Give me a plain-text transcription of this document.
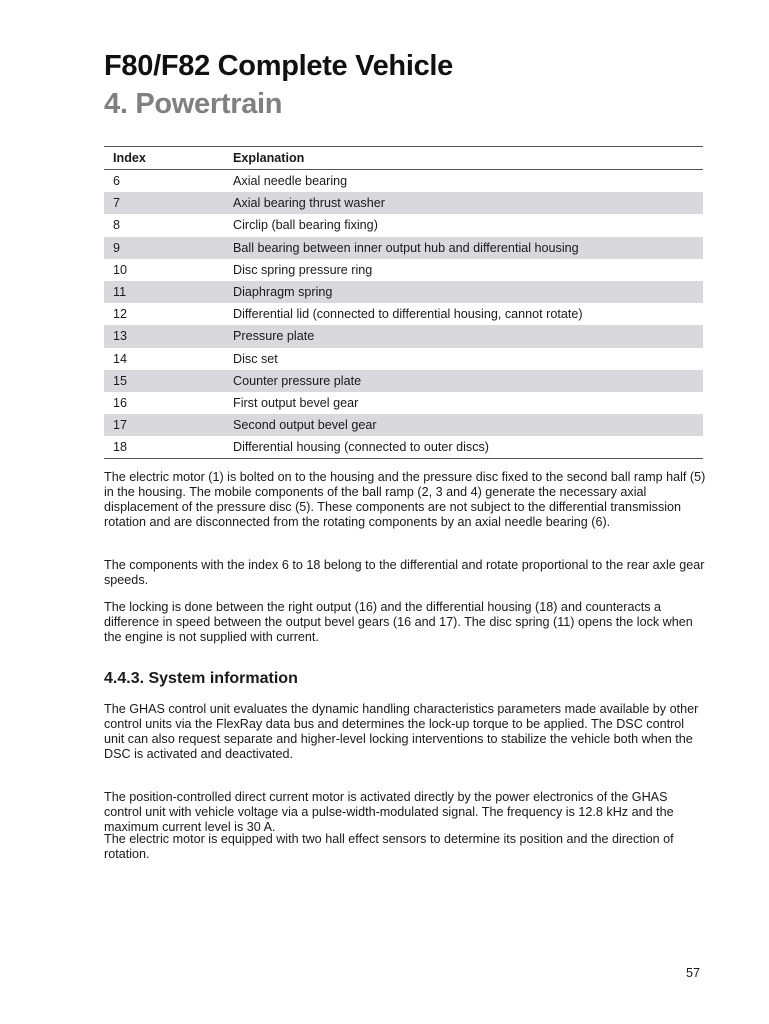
F80/F82 Complete Vehicle
4. Powertrain
Index	Explanation
6	Axial needle bearing
7	Axial bearing thrust washer
8	Circlip (ball bearing fixing)
9	Ball bearing between inner output hub and differential housing
10	Disc spring pressure ring
11	Diaphragm spring
12	Differential lid (connected to differential housing, cannot rotate)
13	Pressure plate
14	Disc set
15	Counter pressure plate
16	First output bevel gear
17	Second output bevel gear
18	Differential housing (connected to outer discs)

The electric motor (1) is bolted on to the housing and the pressure disc fixed to the second ball ramp half (5) in the housing. The mobile components of the ball ramp (2, 3 and 4) generate the necessary axial displacement of the pressure disc (5). These components are not subject to the differential transmission rotation and are disconnected from the rotating components by an axial needle bearing (6).

The components with the index 6 to 18 belong to the differential and rotate proportional to the rear axle gear speeds.

The locking is done between the right output (16) and the differential housing (18) and counteracts a difference in speed between the output bevel gears (16 and 17). The disc spring (11) opens the lock when the engine is not supplied with current.

4.4.3. System information

The GHAS control unit evaluates the dynamic handling characteristics parameters made available by other control units via the FlexRay data bus and determines the lock-up torque to be applied. The DSC control unit can also request separate and higher-level locking interventions to stabilize the vehicle both when the DSC is activated and deactivated.

The position-controlled direct current motor is activated directly by the power electronics of the GHAS control unit with vehicle voltage via a pulse-width-modulated signal. The frequency is 12.8 kHz and the maximum current level is 30 A.

The electric motor is equipped with two hall effect sensors to determine its position and the direction of rotation.

57
